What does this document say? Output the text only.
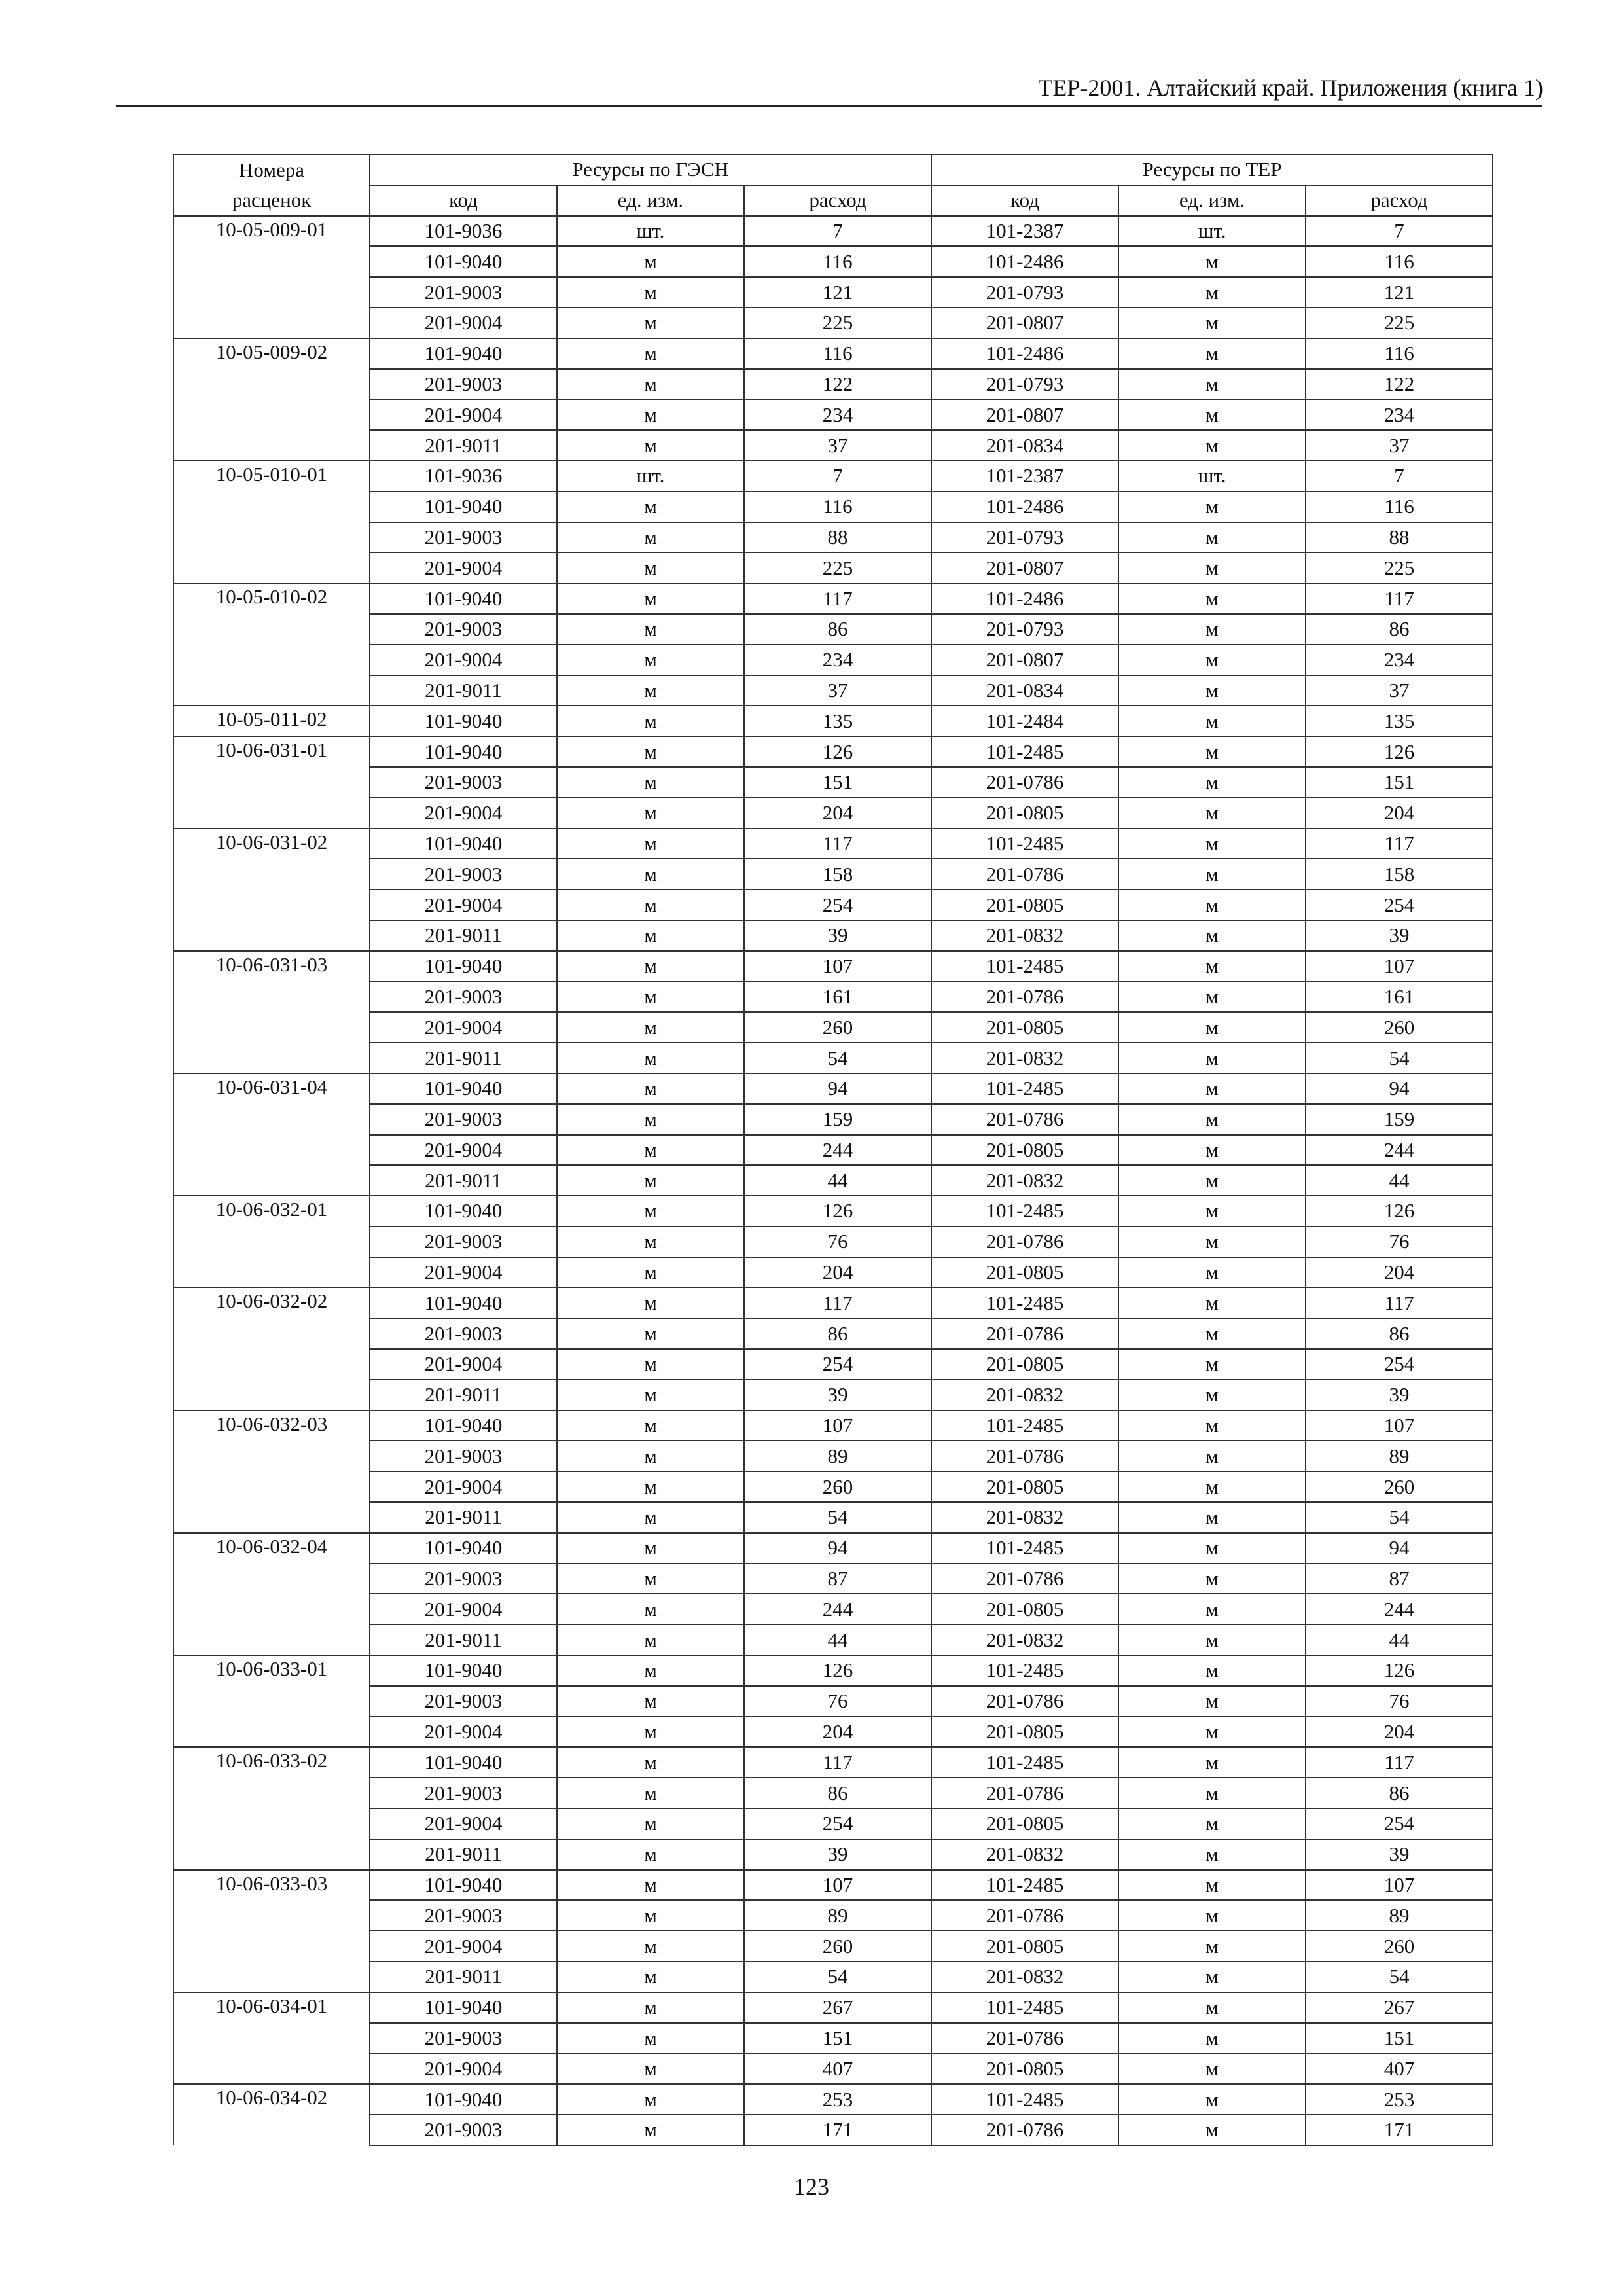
ТЕР-2001. Алтайский край. Приложения (книга 1)
Номера	Ресурсы по ГЭСН			Ресурсы по ТЕР		
расценок	код	ед. изм.	расход	код	ед. изм.	расход
10-05-009-01	101-9036	шт.	7	101-2387	шт.	7
	101-9040	м	116	101-2486	м	116
	201-9003	м	121	201-0793	м	121
	201-9004	м	225	201-0807	м	225
10-05-009-02	101-9040	м	116	101-2486	м	116
	201-9003	м	122	201-0793	м	122
	201-9004	м	234	201-0807	м	234
	201-9011	м	37	201-0834	м	37
10-05-010-01	101-9036	шт.	7	101-2387	шт.	7
	101-9040	м	116	101-2486	м	116
	201-9003	м	88	201-0793	м	88
	201-9004	м	225	201-0807	м	225
10-05-010-02	101-9040	м	117	101-2486	м	117
	201-9003	м	86	201-0793	м	86
	201-9004	м	234	201-0807	м	234
	201-9011	м	37	201-0834	м	37
10-05-011-02	101-9040	м	135	101-2484	м	135
10-06-031-01	101-9040	м	126	101-2485	м	126
	201-9003	м	151	201-0786	м	151
	201-9004	м	204	201-0805	м	204
10-06-031-02	101-9040	м	117	101-2485	м	117
	201-9003	м	158	201-0786	м	158
	201-9004	м	254	201-0805	м	254
	201-9011	м	39	201-0832	м	39
10-06-031-03	101-9040	м	107	101-2485	м	107
	201-9003	м	161	201-0786	м	161
	201-9004	м	260	201-0805	м	260
	201-9011	м	54	201-0832	м	54
10-06-031-04	101-9040	м	94	101-2485	м	94
	201-9003	м	159	201-0786	м	159
	201-9004	м	244	201-0805	м	244
	201-9011	м	44	201-0832	м	44
10-06-032-01	101-9040	м	126	101-2485	м	126
	201-9003	м	76	201-0786	м	76
	201-9004	м	204	201-0805	м	204
10-06-032-02	101-9040	м	117	101-2485	м	117
	201-9003	м	86	201-0786	м	86
	201-9004	м	254	201-0805	м	254
	201-9011	м	39	201-0832	м	39
10-06-032-03	101-9040	м	107	101-2485	м	107
	201-9003	м	89	201-0786	м	89
	201-9004	м	260	201-0805	м	260
	201-9011	м	54	201-0832	м	54
10-06-032-04	101-9040	м	94	101-2485	м	94
	201-9003	м	87	201-0786	м	87
	201-9004	м	244	201-0805	м	244
	201-9011	м	44	201-0832	м	44
10-06-033-01	101-9040	м	126	101-2485	м	126
	201-9003	м	76	201-0786	м	76
	201-9004	м	204	201-0805	м	204
10-06-033-02	101-9040	м	117	101-2485	м	117
	201-9003	м	86	201-0786	м	86
	201-9004	м	254	201-0805	м	254
	201-9011	м	39	201-0832	м	39
10-06-033-03	101-9040	м	107	101-2485	м	107
	201-9003	м	89	201-0786	м	89
	201-9004	м	260	201-0805	м	260
	201-9011	м	54	201-0832	м	54
10-06-034-01	101-9040	м	267	101-2485	м	267
	201-9003	м	151	201-0786	м	151
	201-9004	м	407	201-0805	м	407
10-06-034-02	101-9040	м	253	101-2485	м	253
	201-9003	м	171	201-0786	м	171
123
